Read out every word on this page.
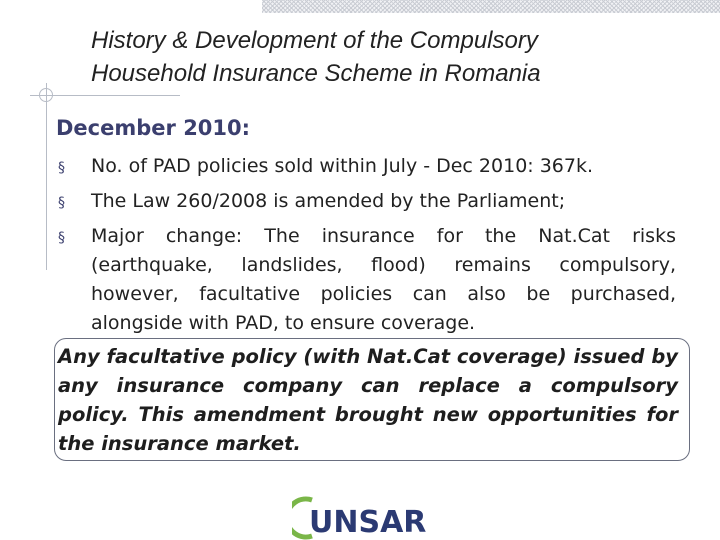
History & Development of the Compulsory
Household Insurance Scheme in Romania
December 2010:
§ No. of PAD policies sold within July - Dec 2010: 367k.
§ The Law 260/2008 is amended by the Parliament;
§ Major change: The insurance for the Nat.Cat risks (earthquake, landslides, flood) remains compulsory, however, facultative policies can also be purchased, alongside with PAD, to ensure coverage.
Any facultative policy (with Nat.Cat coverage) issued by any insurance company can replace a compulsory policy. This amendment brought new opportunities for the insurance market.
UNSAR
